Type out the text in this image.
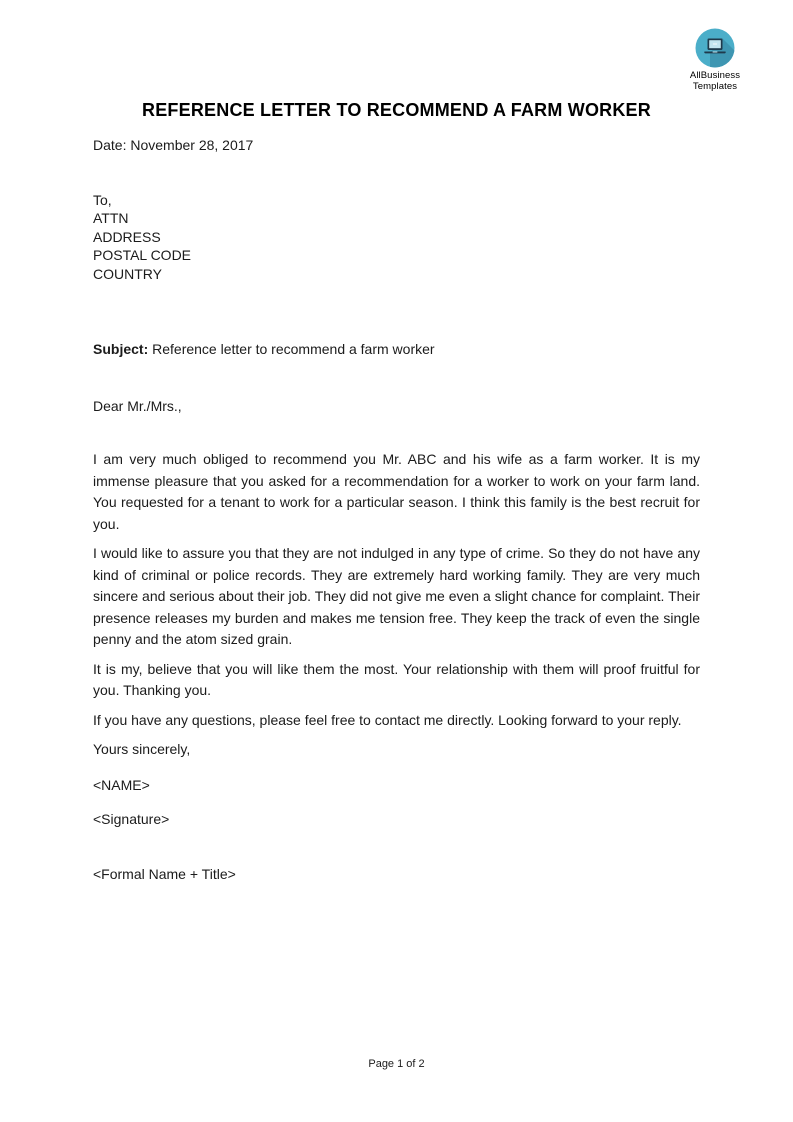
AllBusiness
Templates
REFERENCE LETTER TO RECOMMEND A FARM WORKER
Date: November 28, 2017
To,
ATTN
ADDRESS
POSTAL CODE
COUNTRY
Subject: Reference letter to recommend a farm worker
Dear Mr./Mrs.,
I am very much obliged to recommend you Mr. ABC and his wife as a farm worker. It is my immense pleasure that you asked for a recommendation for a worker to work on your farm land. You requested for a tenant to work for a particular season. I think this family is the best recruit for you.
I would like to assure you that they are not indulged in any type of crime. So they do not have any kind of criminal or police records. They are extremely hard working family. They are very much sincere and serious about their job. They did not give me even a slight chance for complaint. Their presence releases my burden and makes me tension free. They keep the track of even the single penny and the atom sized grain.
It is my, believe that you will like them the most. Your relationship with them will proof fruitful for you. Thanking you.
If you have any questions, please feel free to contact me directly. Looking forward to your reply.
Yours sincerely,
<NAME>
<Signature>
<Formal Name + Title>
Page 1 of 2
